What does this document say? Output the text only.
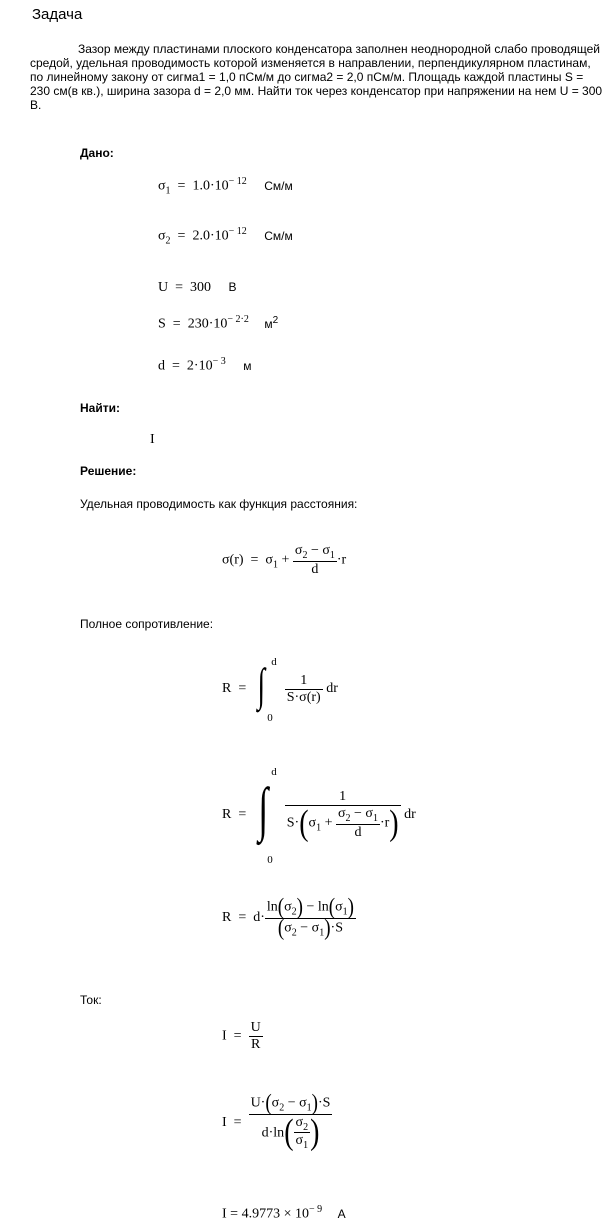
Задача
Зазор между пластинами плоского конденсатора заполнен неоднородной слабо проводящей средой, удельная проводимость которой изменяется в направлении, перпендикулярном пластинам, по линейному закону от сигма1 = 1,0 пСм/м до сигма2 = 2,0 пСм/м. Площадь каждой пластины S = 230 см(в кв.), ширина зазора d = 2,0 мм. Найти ток через конденсатор при напряжении на нем U = 300 В.
Дано:
$\sigma_1 = 1.0\cdot 10^{- 12}$ См/м
$\sigma_2 = 2.0\cdot 10^{- 12}$ См/м
U  =  300 В
$S = 230\cdot 10^{- 2\cdot 2}$ $м^2$
$d = 2\cdot 10^{- 3}$ м
Найти:
I
Решение:
Удельная проводимость как функция расстояния:
$\sigma(r) = \sigma_1 + \frac{\sigma_2 - \sigma_1}{d} \cdot r$
Полное сопротивление:
R  = ∫ d
0

$\frac{1}{S\cdot\sigma(r)}$ dr
R  = ∫
d
0

$\frac{1}{S\cdot(\sigma_1 + \frac{\sigma_2 - \sigma_1}{d} \cdot r)}$ dr
$R = d\cdot \frac{\ln(\sigma_2) - \ln(\sigma_1)}{(\sigma_2 - \sigma_1)\cdot S}$
Ток:
$I = \frac{U}{R}$
$I = \frac{U\cdot(\sigma_2 - \sigma_1)\cdot S}{d\cdot\ln( \frac{\sigma_2}{\sigma_1} )}$
$I = 4.9773 \times 10^{- 9}$ А
